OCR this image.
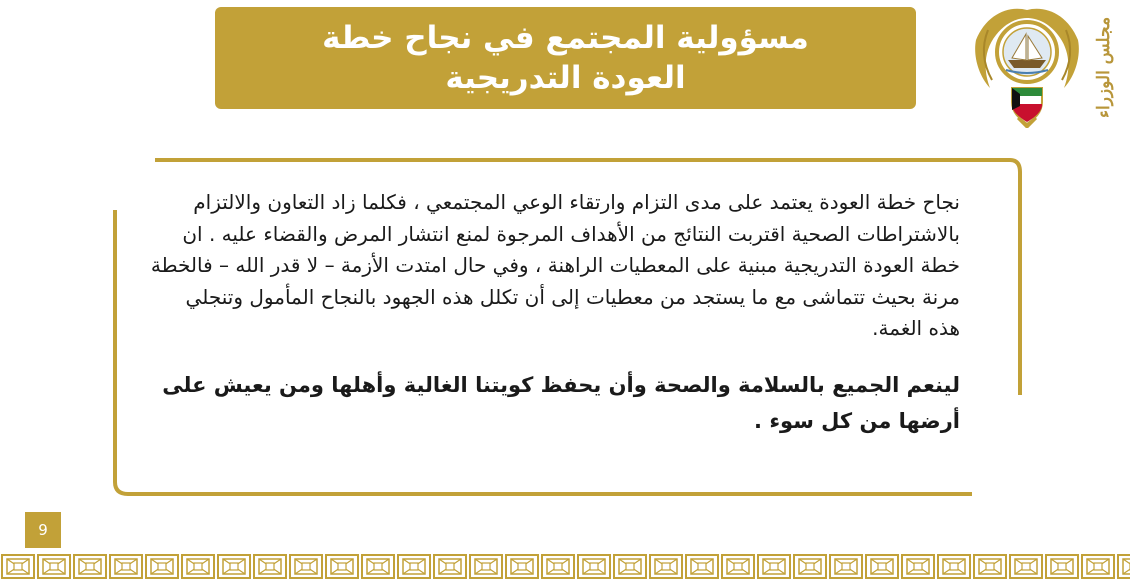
مسؤولية المجتمع في نجاح خطة
العودة التدريجية	مجلس الوزراء

نجاح خطة العودة يعتمد على مدى التزام وارتقاء الوعي المجتمعي ، فكلما زاد التعاون والالتزام بالاشتراطات الصحية اقتربت النتائج من الأهداف المرجوة لمنع انتشار المرض والقضاء عليه . ان خطة العودة التدريجية مبنية على المعطيات الراهنة ، وفي حال امتدت الأزمة – لا قدر الله – فالخطة مرنة بحيث تتماشى مع ما يستجد من معطيات إلى أن تكلل هذه الجهود بالنجاح المأمول وتنجلي هذه الغمة.

لينعم الجميع بالسلامة والصحة وأن يحفظ كويتنا الغالية وأهلها ومن يعيش على أرضها من كل سوء .

9
